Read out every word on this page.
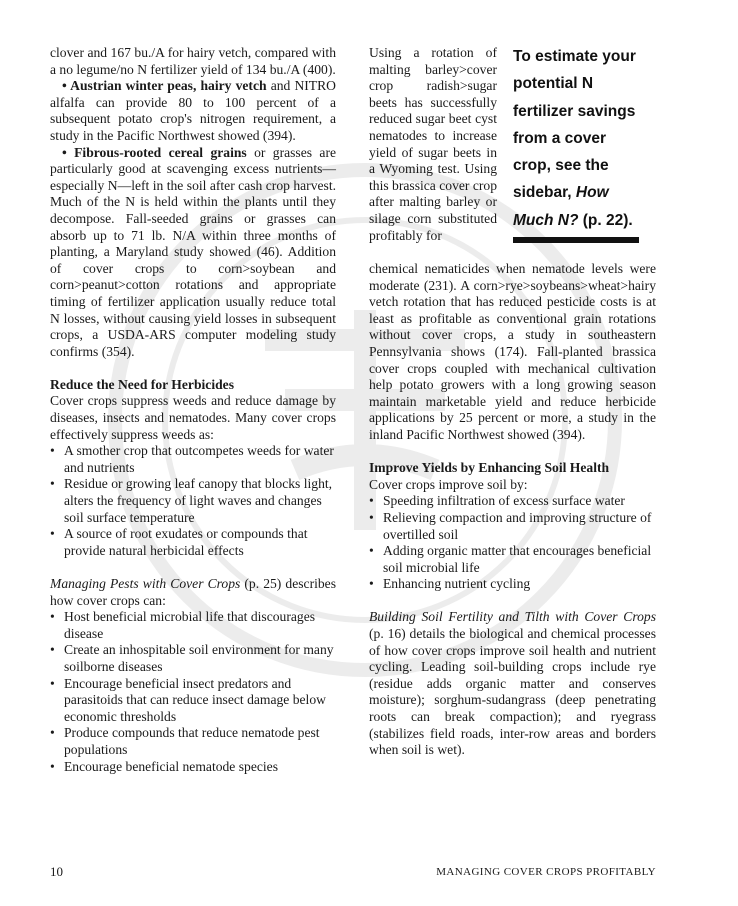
clover and 167 bu./A for hairy vetch, compared with a no legume/no N fertilizer yield of 134 bu./A (400).

• Austrian winter peas, hairy vetch and NITRO alfalfa can provide 80 to 100 percent of a subsequent potato crop's nitrogen requirement, a study in the Pacific Northwest showed (394).

• Fibrous-rooted cereal grains or grasses are particularly good at scavenging excess nutrients—especially N—left in the soil after cash crop harvest. Much of the N is held within the plants until they decompose. Fall-seeded grains or grasses can absorb up to 71 lb. N/A within three months of planting, a Maryland study showed (46). Addition of cover crops to corn>soybean and corn>peanut>cotton rotations and appropriate timing of fertilizer application usually reduce total N losses, without causing yield losses in subsequent crops, a USDA-ARS computer modeling study confirms (354).

Reduce the Need for Herbicides

Cover crops suppress weeds and reduce damage by diseases, insects and nematodes. Many cover crops effectively suppress weeds as:

• A smother crop that outcompetes weeds for water and nutrients
• Residue or growing leaf canopy that blocks light, alters the frequency of light waves and changes soil surface temperature
• A source of root exudates or compounds that provide natural herbicidal effects

Managing Pests with Cover Crops (p. 25) describes how cover crops can:

• Host beneficial microbial life that discourages disease
• Create an inhospitable soil environment for many soilborne diseases
• Encourage beneficial insect predators and parasitoids that can reduce insect damage below economic thresholds
• Produce compounds that reduce nematode pest populations
• Encourage beneficial nematode species

Using a rotation of malting barley>cover crop radish>sugar beets has successfully reduced sugar beet cyst nematodes to increase yield of sugar beets in a Wyoming test. Using this brassica cover crop after malting barley or silage corn substituted profitably for

To estimate your potential N fertilizer savings from a cover crop, see the sidebar, How Much N? (p. 22).

chemical nematicides when nematode levels were moderate (231). A corn>rye>soybeans>wheat>hairy vetch rotation that has reduced pesticide costs is at least as profitable as conventional grain rotations without cover crops, a study in southeastern Pennsylvania shows (174). Fall-planted brassica cover crops coupled with mechanical cultivation help potato growers with a long growing season maintain marketable yield and reduce herbicide applications by 25 percent or more, a study in the inland Pacific Northwest showed (394).

Improve Yields by Enhancing Soil Health

Cover crops improve soil by:

• Speeding infiltration of excess surface water
• Relieving compaction and improving structure of overtilled soil
• Adding organic matter that encourages beneficial soil microbial life
• Enhancing nutrient cycling

Building Soil Fertility and Tilth with Cover Crops (p. 16) details the biological and chemical processes of how cover crops improve soil health and nutrient cycling. Leading soil-building crops include rye (residue adds organic matter and conserves moisture); sorghum-sudangrass (deep penetrating roots can break compaction); and ryegrass (stabilizes field roads, inter-row areas and borders when soil is wet).

10	MANAGING COVER CROPS PROFITABLY
